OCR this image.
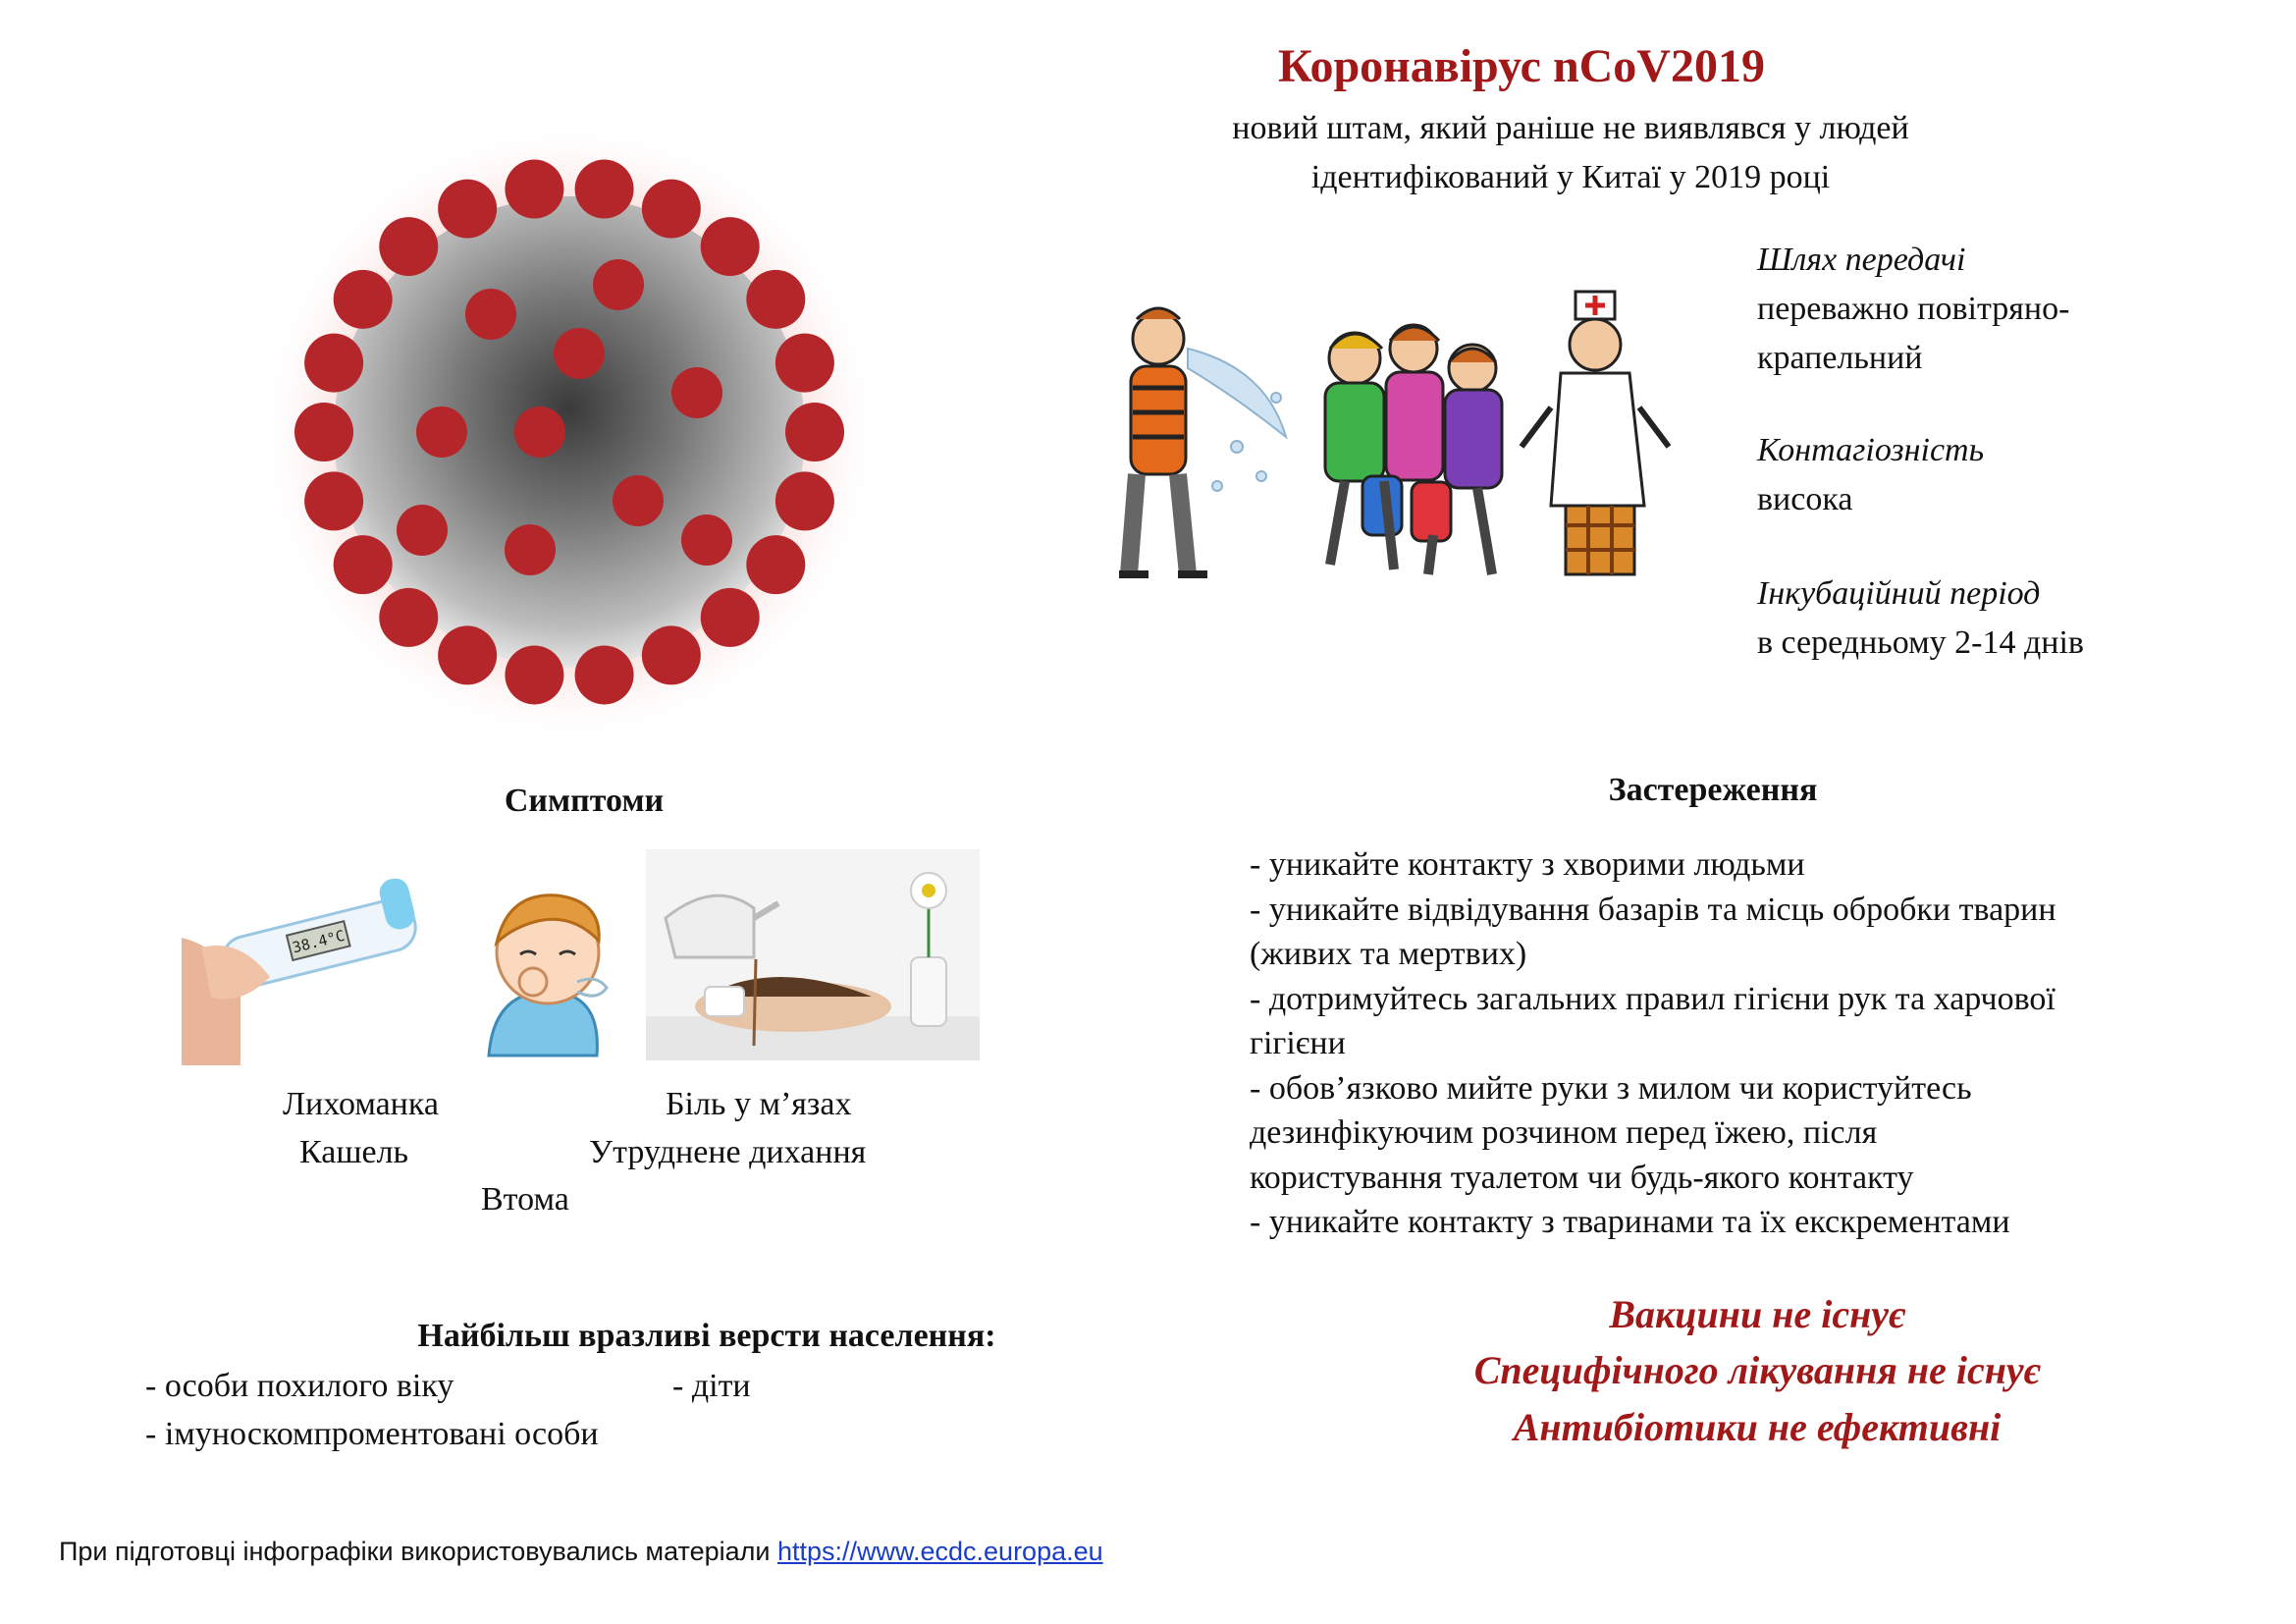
Коронавірус nCoV2019
новий штам, який раніше не виявлявся у людей
ідентифікований у Китаї у 2019 році
Шлях передачі
переважно повітряно-
крапельний
Контагіозність
висока
Інкубаційний період
в середньому 2-14 днів
Симптоми
38.4°C
Лихоманка	Біль у м’язах
Кашель	Утруднене дихання
Втома
Найбільш вразливі версти населення:
- особи похилого віку	- діти
- імуноскомпроментовані особи
Застереження
- уникайте контакту з хворими людьми
- уникайте відвідування базарів та місць обробки тварин
(живих та мертвих)
- дотримуйтесь загальних правил гігієни рук та харчової
гігієни
- обов’язково мийте руки з милом чи користуйтесь
дезинфікуючим розчином перед їжею, після
користування туалетом чи будь-якого контакту
- уникайте контакту з тваринами та їх екскрементами
Вакцини не існує
Специфічного лікування не існує
Антибіотики не ефективні
При підготовці інфографіки використовувались матеріали https://www.ecdc.europa.eu
